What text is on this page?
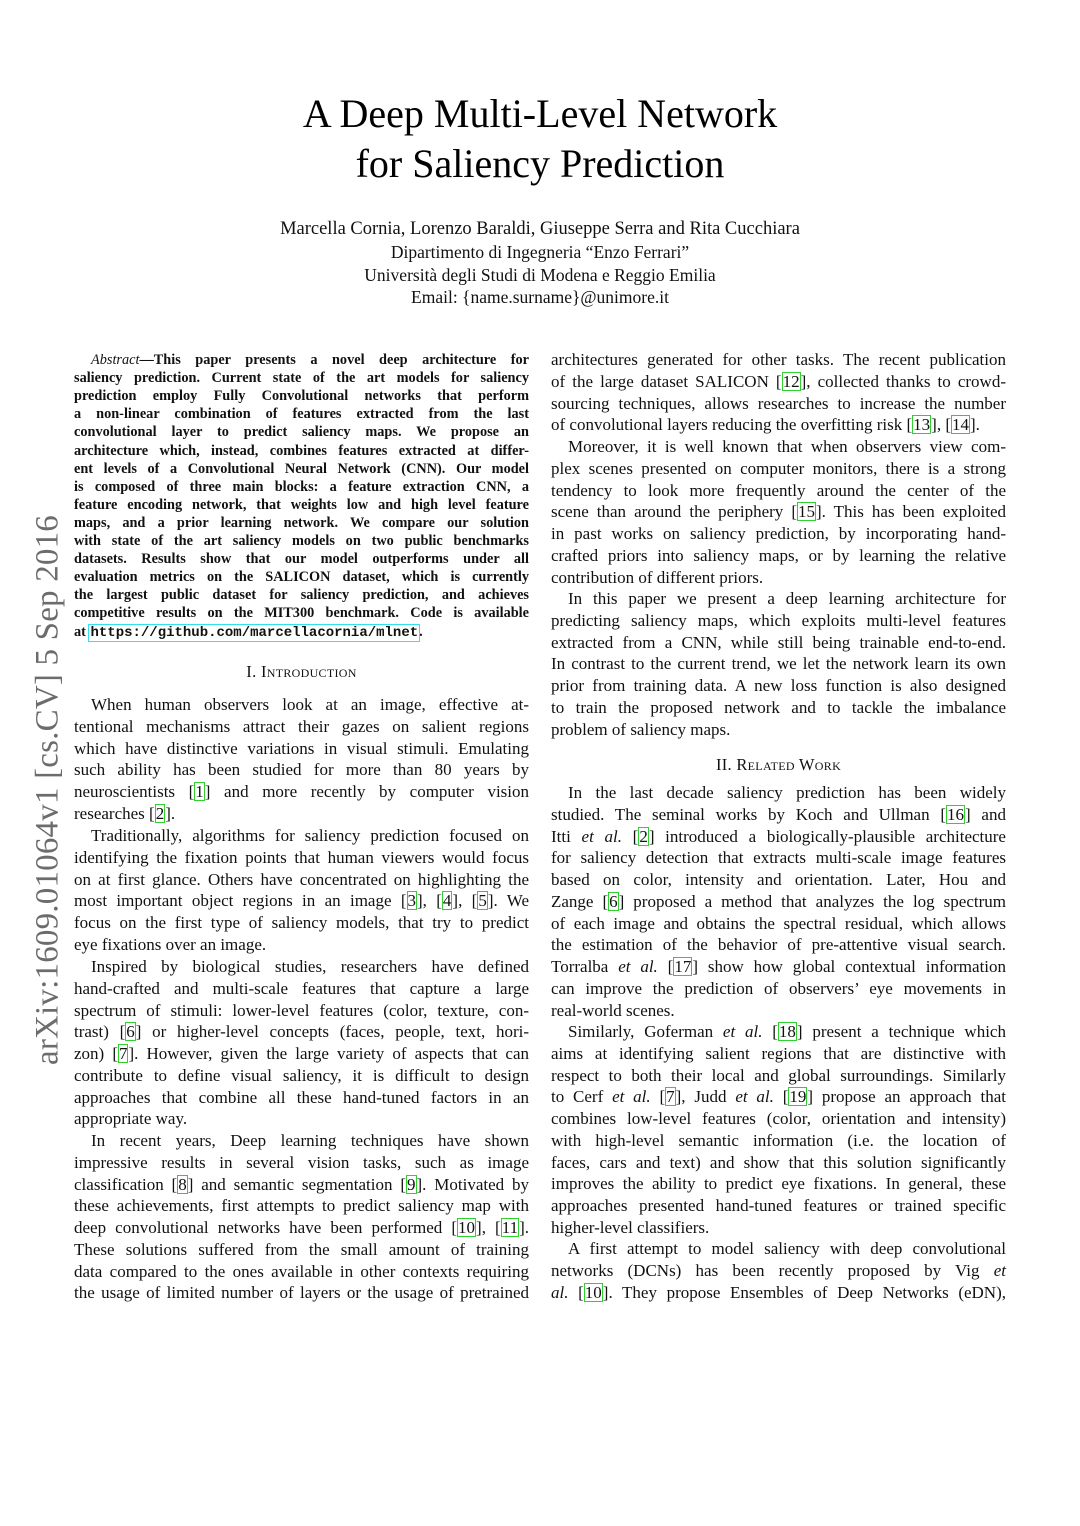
A Deep Multi-Level Network
for Saliency Prediction
Marcella Cornia, Lorenzo Baraldi, Giuseppe Serra and Rita Cucchiara
Dipartimento di Ingegneria “Enzo Ferrari”
Università degli Studi di Modena e Reggio Emilia
Email: {name.surname}@unimore.it
arXiv:1609.01064v1 [cs.CV] 5 Sep 2016
Abstract—This paper presents a novel deep architecture for
saliency prediction. Current state of the art models for saliency
prediction employ Fully Convolutional networks that perform
a non-linear combination of features extracted from the last
convolutional layer to predict saliency maps. We propose an
architecture which, instead, combines features extracted at differ-
ent levels of a Convolutional Neural Network (CNN). Our model
is composed of three main blocks: a feature extraction CNN, a
feature encoding network, that weights low and high level feature
maps, and a prior learning network. We compare our solution
with state of the art saliency models on two public benchmarks
datasets. Results show that our model outperforms under all
evaluation metrics on the SALICON dataset, which is currently
the largest public dataset for saliency prediction, and achieves
competitive results on the MIT300 benchmark. Code is available
at https://github.com/marcellacornia/mlnet.
I. Introduction
II. Related Work
When human observers look at an image, effective at-
tentional mechanisms attract their gazes on salient regions
which have distinctive variations in visual stimuli. Emulating
such ability has been studied for more than 80 years by
neuroscientists [1] and more recently by computer vision
researches [2].
Traditionally, algorithms for saliency prediction focused on
identifying the fixation points that human viewers would focus
on at first glance. Others have concentrated on highlighting the
most important object regions in an image [3], [4], [5]. We
focus on the first type of saliency models, that try to predict
eye fixations over an image.
Inspired by biological studies, researchers have defined
hand-crafted and multi-scale features that capture a large
spectrum of stimuli: lower-level features (color, texture, con-
trast) [6] or higher-level concepts (faces, people, text, hori-
zon) [7]. However, given the large variety of aspects that can
contribute to define visual saliency, it is difficult to design
approaches that combine all these hand-tuned factors in an
appropriate way.
In recent years, Deep learning techniques have shown
impressive results in several vision tasks, such as image
classification [8] and semantic segmentation [9]. Motivated by
these achievements, first attempts to predict saliency map with
deep convolutional networks have been performed [10], [11].
These solutions suffered from the small amount of training
data compared to the ones available in other contexts requiring
the usage of limited number of layers or the usage of pretrained
architectures generated for other tasks. The recent publication
of the large dataset SALICON [12], collected thanks to crowd-
sourcing techniques, allows researches to increase the number
of convolutional layers reducing the overfitting risk [13], [14].
Moreover, it is well known that when observers view com-
plex scenes presented on computer monitors, there is a strong
tendency to look more frequently around the center of the
scene than around the periphery [15]. This has been exploited
in past works on saliency prediction, by incorporating hand-
crafted priors into saliency maps, or by learning the relative
contribution of different priors.
In this paper we present a deep learning architecture for
predicting saliency maps, which exploits multi-level features
extracted from a CNN, while still being trainable end-to-end.
In contrast to the current trend, we let the network learn its own
prior from training data. A new loss function is also designed
to train the proposed network and to tackle the imbalance
problem of saliency maps.
In the last decade saliency prediction has been widely
studied. The seminal works by Koch and Ullman [16] and
Itti et al. [2] introduced a biologically-plausible architecture
for saliency detection that extracts multi-scale image features
based on color, intensity and orientation. Later, Hou and
Zange [6] proposed a method that analyzes the log spectrum
of each image and obtains the spectral residual, which allows
the estimation of the behavior of pre-attentive visual search.
Torralba et al. [17] show how global contextual information
can improve the prediction of observers’ eye movements in
real-world scenes.
Similarly, Goferman et al. [18] present a technique which
aims at identifying salient regions that are distinctive with
respect to both their local and global surroundings. Similarly
to Cerf et al. [7], Judd et al. [19] propose an approach that
combines low-level features (color, orientation and intensity)
with high-level semantic information (i.e. the location of
faces, cars and text) and show that this solution significantly
improves the ability to predict eye fixations. In general, these
approaches presented hand-tuned features or trained specific
higher-level classifiers.
A first attempt to model saliency with deep convolutional
networks (DCNs) has been recently proposed by Vig et
al. [10]. They propose Ensembles of Deep Networks (eDN),
